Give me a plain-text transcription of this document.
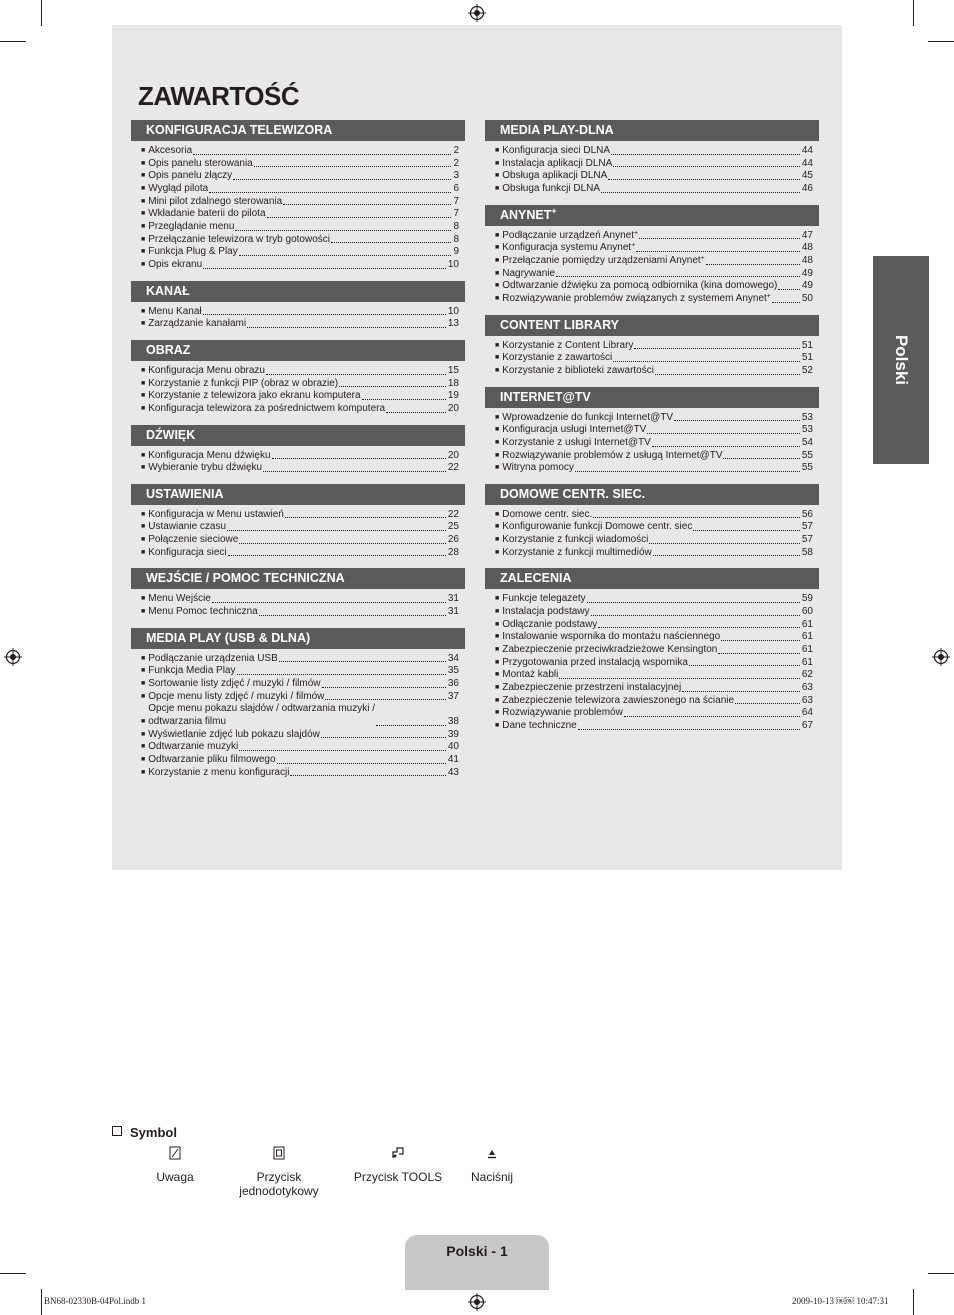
ZAWARTOŚĆ
KONFIGURACJA TELEWIZORA
■ Akcesoria	2
■ Opis panelu sterowania	2
■ Opis panelu złączy	3
■ Wygląd pilota	6
■ Mini pilot zdalnego sterowania	7
■ Wkładanie baterii do pilota	7
■ Przeglądanie menu	8
■ Przełączanie telewizora w tryb gotowości	8
■ Funkcja Plug & Play	9
■ Opis ekranu	10
KANAŁ
■ Menu Kanał	10
■ Zarządzanie kanałami	13
OBRAZ
■ Konfiguracja Menu obrazu	15
■ Korzystanie z funkcji PIP (obraz w obrazie)	18
■ Korzystanie z telewizora jako ekranu komputera	19
■ Konfiguracja telewizora za pośrednictwem komputera	20
DŹWIĘK
■ Konfiguracja Menu dźwięku	20
■ Wybieranie trybu dźwięku	22
USTAWIENIA
■ Konfiguracja w Menu ustawień	22
■ Ustawianie czasu	25
■ Połączenie sieciowe	26
■ Konfiguracja sieci	28
WEJŚCIE / POMOC TECHNICZNA
■ Menu Wejście	31
■ Menu Pomoc techniczna	31
MEDIA PLAY (USB & DLNA)
■ Podłączanie urządzenia USB	34
■ Funkcja Media Play	35
■ Sortowanie listy zdjęć / muzyki / filmów	36
■ Opcje menu listy zdjęć / muzyki / filmów	37
■
Opcje menu pokazu slajdów / odtwarzania muzyki /
odtwarzania filmu	38
■ Wyświetlanie zdjęć lub pokazu slajdów	39
■ Odtwarzanie muzyki	40
■ Odtwarzanie pliku filmowego	41
■ Korzystanie z menu konfiguracji	43
MEDIA PLAY-DLNA
■ Konfiguracja sieci DLNA	44
■ Instalacja aplikacji DLNA	44
■ Obsługa aplikacji DLNA	45
■ Obsługa funkcji DLNA	46
ANYNET+
■ Podłączanie urządzeń Anynet+	47
■ Konfiguracja systemu Anynet+	48
■ Przełączanie pomiędzy urządzeniami Anynet+	48
■ Nagrywanie	49
■ Odtwarzanie dźwięku za pomocą odbiornika (kina domowego) 49
■ Rozwiązywanie problemów związanych z systemem Anynet+	50
CONTENT LIBRARY
■ Korzystanie z Content Library	51
■ Korzystanie z zawartości	51
■ Korzystanie z biblioteki zawartości	52
INTERNET@TV
■ Wprowadzenie do funkcji Internet@TV	53
■ Konfiguracja usługi Internet@TV	53
■ Korzystanie z usługi Internet@TV	54
■ Rozwiązywanie problemów z usługą Internet@TV	55
■ Witryna pomocy	55
DOMOWE CENTR. SIEC.
■ Domowe centr. siec.	56
■ Konfigurowanie funkcji Domowe centr. siec	57
■ Korzystanie z funkcji wiadomości	57
■ Korzystanie z funkcji multimediów	58
ZALECENIA
■ Funkcje telegazety	59
■ Instalacja podstawy	60
■ Odłączanie podstawy	61
■ Instalowanie wspornika do montażu naściennego	61
■ Zabezpieczenie przeciwkradzieżowe Kensington	61
■ Przygotowania przed instalacją wspornika	61
■ Montaż kabli	62
■ Zabezpieczenie przestrzeni instalacyjnej	63
■ Zabezpieczenie telewizora zawieszonego na ścianie	63
■ Rozwiązywanie problemów	64
■ Dane techniczne	67
Polski
Symbol
Uwaga	Przycisk jednodotykowy
Przycisk TOOLS	Naciśnij
Polski - 1
BN68-02330B-04Pol.indb 1	2009-10-13 ￼￼ 10:47:31
